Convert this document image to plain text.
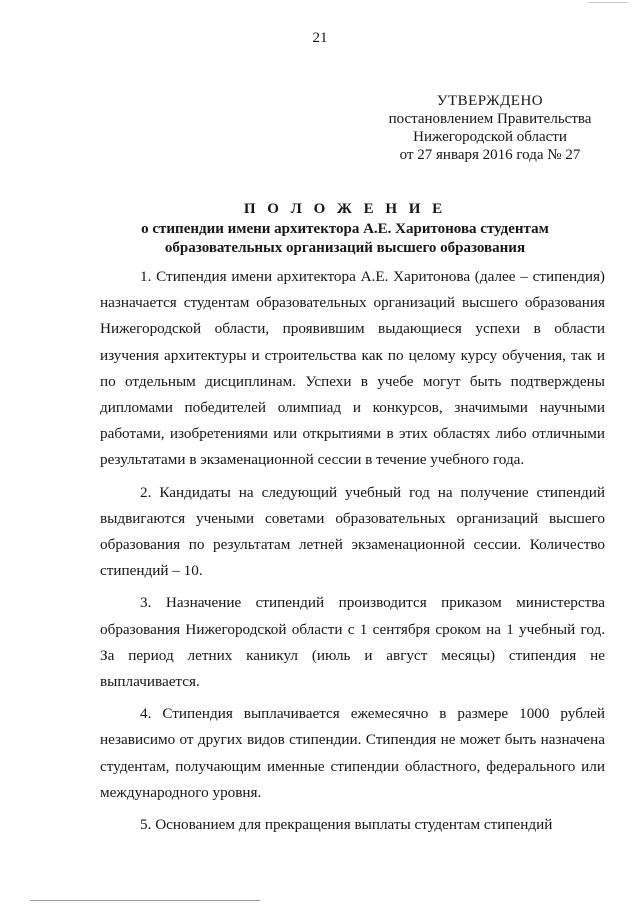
21
УТВЕРЖДЕНО
постановлением Правительства
Нижегородской области
от 27 января 2016 года № 27
П О Л О Ж Е Н И Е
о стипендии имени архитектора А.Е. Харитонова студентам
образовательных организаций высшего образования

1. Стипендия имени архитектора А.Е. Харитонова (далее – стипендия) назначается студентам образовательных организаций высшего образования Нижегородской области, проявившим выдающиеся успехи в области изучения архитектуры и строительства как по целому курсу обучения, так и по отдельным дисциплинам. Успехи в учебе могут быть подтверждены дипломами победителей олимпиад и конкурсов, значимыми научными работами, изобретениями или открытиями в этих областях либо отличными результатами в экзаменационной сессии в течение учебного года.

2. Кандидаты на следующий учебный год на получение стипендий выдвигаются учеными советами образовательных организаций высшего образования по результатам летней экзаменационной сессии. Количество стипендий – 10.

3. Назначение стипендий производится приказом министерства образования Нижегородской области с 1 сентября сроком на 1 учебный год. За период летних каникул (июль и август месяцы) стипендия не выплачивается.

4. Стипендия выплачивается ежемесячно в размере 1000 рублей независимо от других видов стипендии. Стипендия не может быть назначена студентам, получающим именные стипендии областного, федерального или международного уровня.

5. Основанием для прекращения выплаты студентам стипендий
